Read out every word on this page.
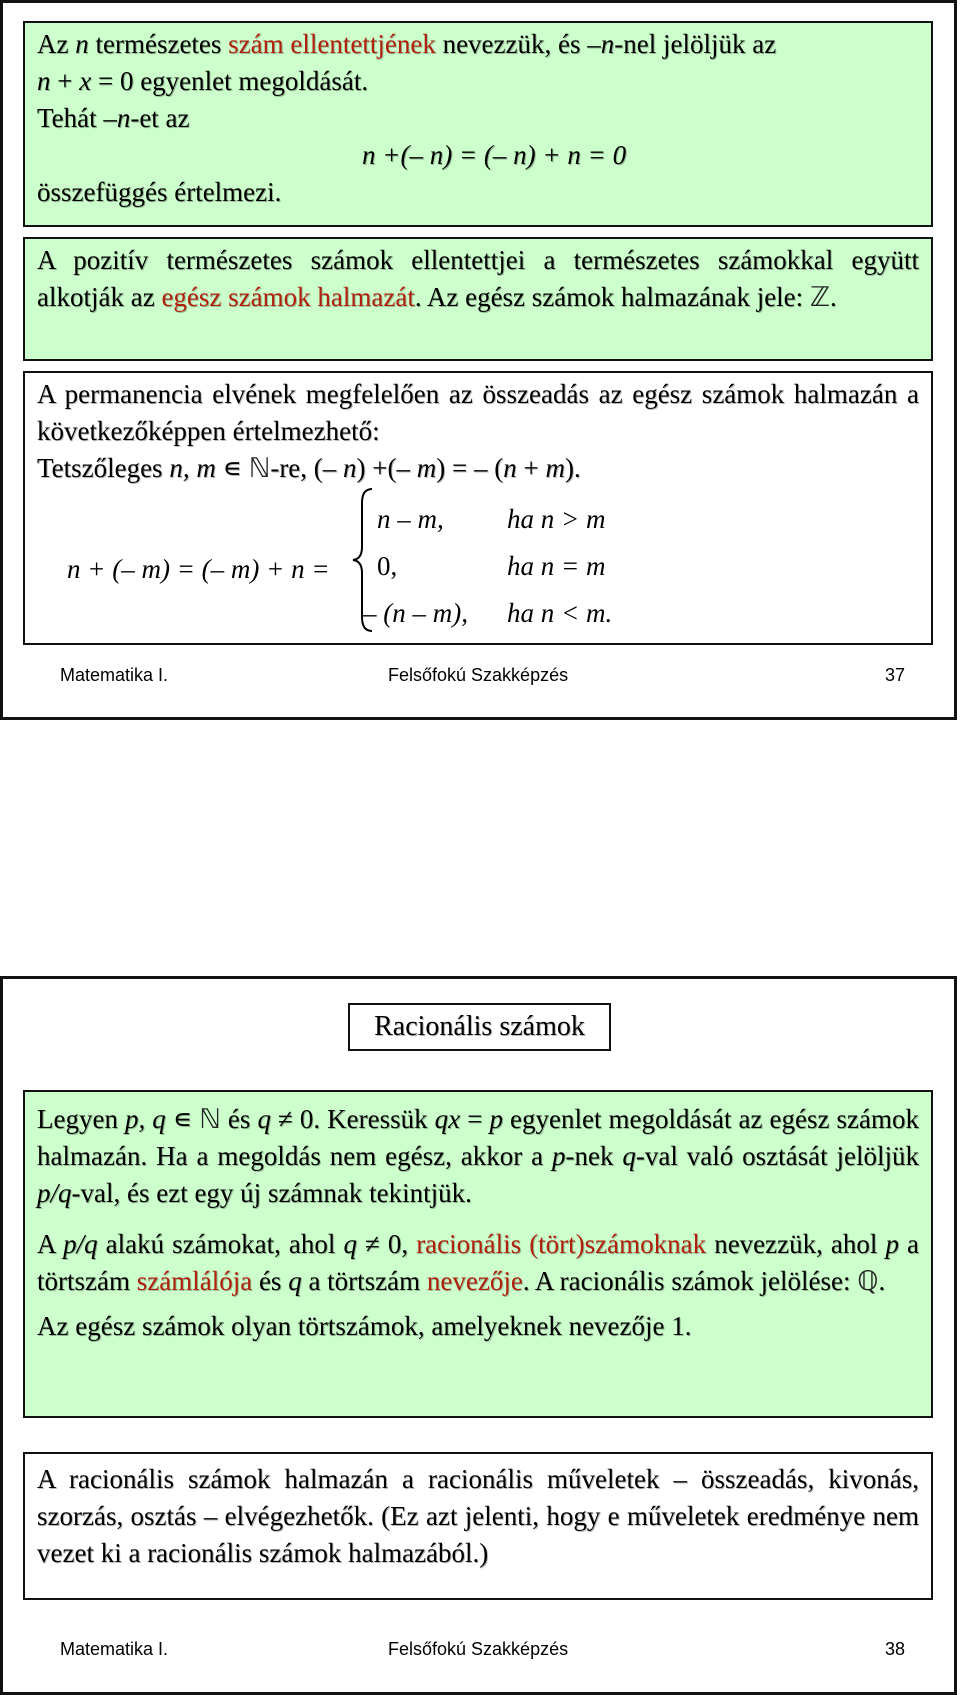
Az n természetes szám ellentettjének nevezzük, és –n-nel jelöljük az

n + x = 0 egyenlet megoldását.

Tehát –n-et az

n +(– n) = (– n) + n = 0

összefüggés értelmezi.

A pozitív természetes számok ellentettjei a természetes számokkal együtt alkotják az egész számok halmazát. Az egész számok halmazának jele: ℤ.

A permanencia elvének megfelelően az összeadás az egész számok halmazán a következőképpen értelmezhető:

Tetszőleges n, m ∊ ℕ-re, (– n) +(– m) = – (n + m).

n + (– m) = (– m) + n =
n – m, ha n > m
0,	ha n = m
– (n – m), ha n < m.
Matematika I.	Felsőfokú Szakképzés	37
Racionális számok

Legyen p, q ∊ ℕ és q ≠ 0. Keressük qx = p egyenlet megoldását az egész számok halmazán. Ha a megoldás nem egész, akkor a p-nek q-val való osztását jelöljük p/q-val, és ezt egy új számnak tekintjük.

A p/q alakú számokat, ahol q ≠ 0, racionális (tört)számoknak nevezzük, ahol p a törtszám számlálója és q a törtszám nevezője. A racionális számok jelölése: ℚ.

Az egész számok olyan törtszámok, amelyeknek nevezője 1.

A racionális számok halmazán a racionális műveletek – összeadás, kivonás, szorzás, osztás – elvégezhetők. (Ez azt jelenti, hogy e műveletek eredménye nem vezet ki a racionális számok halmazából.)

Matematika I.	Felsőfokú Szakképzés	38
